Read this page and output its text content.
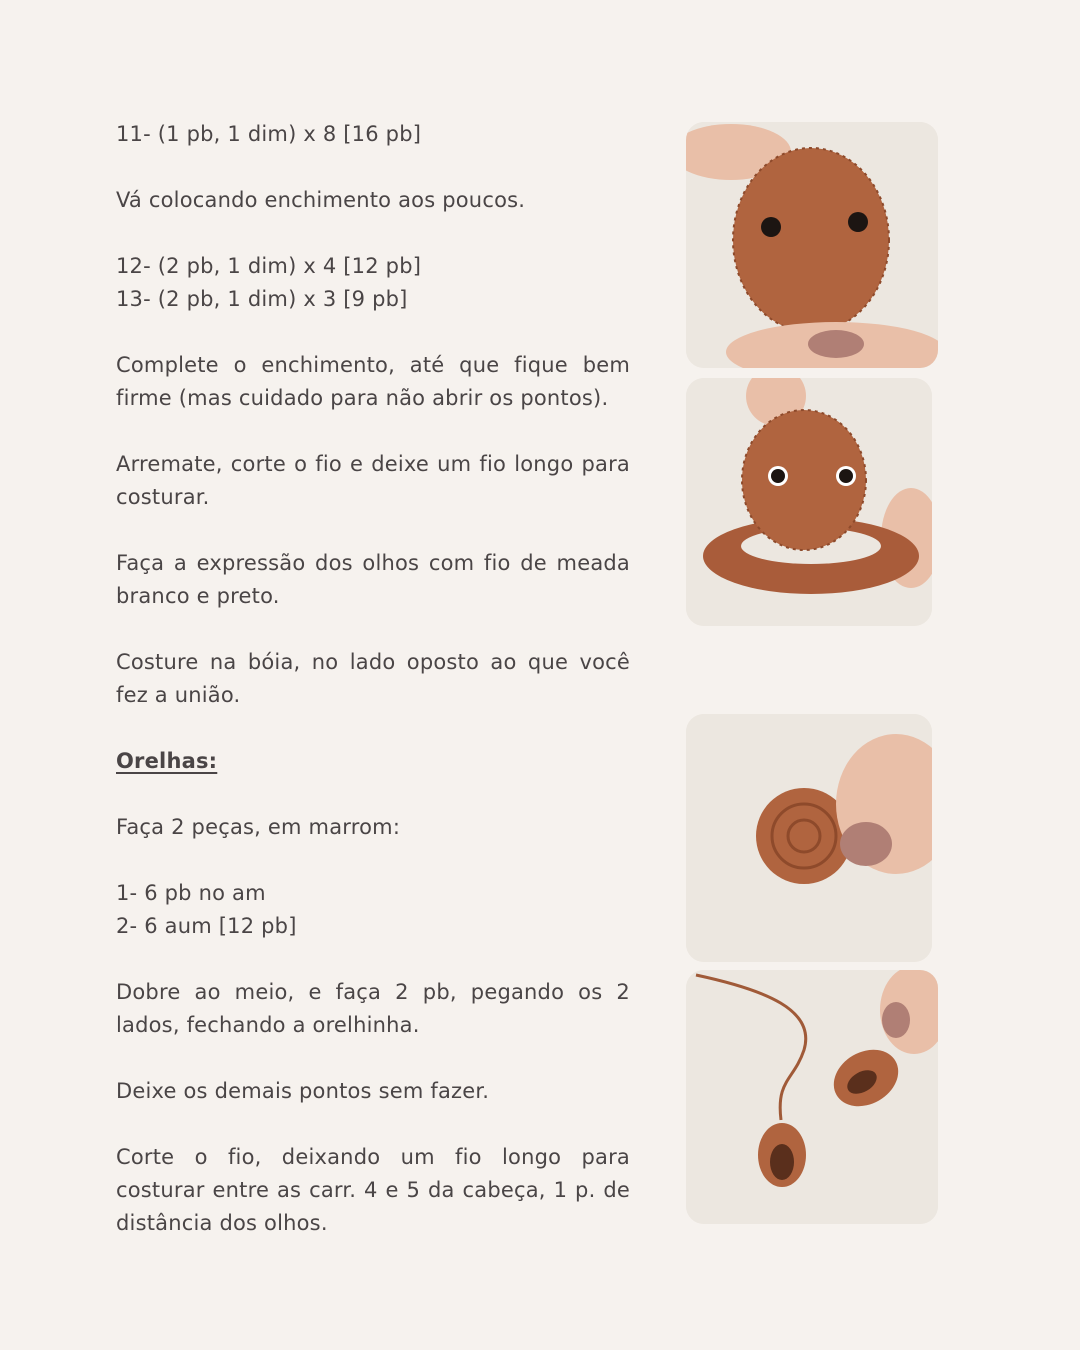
11- (1 pb, 1 dim) x 8 [16 pb]

Vá colocando enchimento aos poucos.

12- (2 pb, 1 dim) x 4 [12 pb]

13- (2 pb, 1 dim) x 3 [9 pb]

Complete o enchimento, até que fique bem firme (mas cuidado para não abrir os pontos).

Arremate, corte o fio e deixe um fio longo para costurar.

Faça a expressão dos olhos com fio de meada branco e preto.

Costure na bóia, no lado oposto ao que você fez a união.

Orelhas:

Faça 2 peças, em marrom:

1- 6 pb no am

2- 6 aum [12 pb]

Dobre ao meio, e faça 2 pb, pegando os 2 lados, fechando a orelhinha.

Deixe os demais pontos sem fazer.

Corte o fio, deixando um fio longo para costurar entre as carr. 4 e 5 da cabeça, 1 p. de distância dos olhos.
